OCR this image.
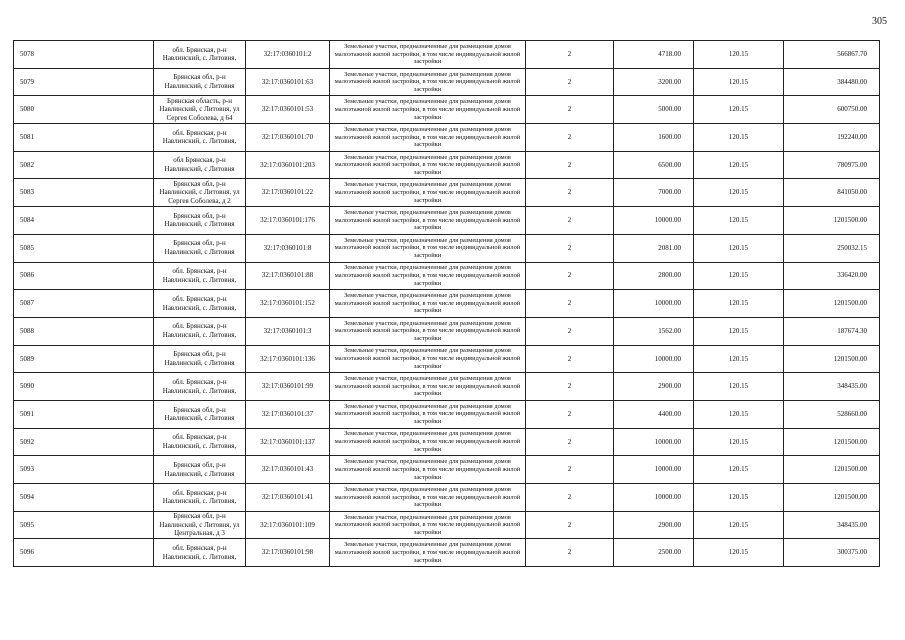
305
5078	обл. Брянская, р-н Навлинский, с. Литовня,	32:17:0360101:2	Земельные участки, предназначенные для размещения домов малоэтажной жилой застройки, в том числе индивидуальной жилой застройки	2	4718.00	120.15	566867.70
5079	Брянская обл, р-н Навлинский, с Литовня	32:17:0360101:63	Земельные участки, предназначенные для размещения домов малоэтажной жилой застройки, в том числе индивидуальной жилой застройки	2	3200.00	120.15	384480.00
5080	Брянская область, р-н Навлинский, с Литовня, ул Сергея Соболева, д 64	32:17:0360101:53	Земельные участки, предназначенные для размещения домов малоэтажной жилой застройки, в том числе индивидуальной жилой застройки	2	5000.00	120.15	600750.00
5081	обл. Брянская, р-н Навлинский, с. Литовня,	32:17:0360101:70	Земельные участки, предназначенные для размещения домов малоэтажной жилой застройки, в том числе индивидуальной жилой застройки	2	1600.00	120.15	192240.00
5082	обл Брянская, р-н Навлинский, с Литовня	32:17:0360101:203	Земельные участки, предназначенные для размещения домов малоэтажной жилой застройки, в том числе индивидуальной жилой застройки	2	6500.00	120.15	780975.00
5083	Брянская обл, р-н Навлинский, с Литовня, ул Сергея Соболева, д 2	32:17:0360101:22	Земельные участки, предназначенные для размещения домов малоэтажной жилой застройки, в том числе индивидуальной жилой застройки	2	7000.00	120.15	841050.00
5084	Брянская обл, р-н Навлинский, с Литовня	32:17:0360101:176	Земельные участки, предназначенные для размещения домов малоэтажной жилой застройки, в том числе индивидуальной жилой застройки	2	10000.00	120.15	1201500.00
5085	Брянская обл, р-н Навлинский, с Литовня	32:17:0360101:8	Земельные участки, предназначенные для размещения домов малоэтажной жилой застройки, в том числе индивидуальной жилой застройки	2	2081.00	120.15	250032.15
5086	обл. Брянская, р-н Навлинский, с. Литовня,	32:17:0360101:88	Земельные участки, предназначенные для размещения домов малоэтажной жилой застройки, в том числе индивидуальной жилой застройки	2	2800.00	120.15	336420.00
5087	обл. Брянская, р-н Навлинский, с. Литовня,	32:17:0360101:152	Земельные участки, предназначенные для размещения домов малоэтажной жилой застройки, в том числе индивидуальной жилой застройки	2	10000.00	120.15	1201500.00
5088	обл. Брянская, р-н Навлинский, с. Литовня,	32:17:0360101:3	Земельные участки, предназначенные для размещения домов малоэтажной жилой застройки, в том числе индивидуальной жилой застройки	2	1562.00	120.15	187674.30
5089	Брянская обл, р-н Навлинский, с Литовня	32:17:0360101:136	Земельные участки, предназначенные для размещения домов малоэтажной жилой застройки, в том числе индивидуальной жилой застройки	2	10000.00	120.15	1201500.00
5090	обл. Брянская, р-н Навлинский, с. Литовня,	32:17:0360101:99	Земельные участки, предназначенные для размещения домов малоэтажной жилой застройки, в том числе индивидуальной жилой застройки	2	2900.00	120.15	348435.00
5091	Брянская обл, р-н Навлинский, с Литовня	32:17:0360101:37	Земельные участки, предназначенные для размещения домов малоэтажной жилой застройки, в том числе индивидуальной жилой застройки	2	4400.00	120.15	528660.00
5092	обл. Брянская, р-н Навлинский, с. Литовня,	32:17:0360101:137	Земельные участки, предназначенные для размещения домов малоэтажной жилой застройки, в том числе индивидуальной жилой застройки	2	10000.00	120.15	1201500.00
5093	Брянская обл, р-н Навлинский, с Литовня	32:17:0360101:43	Земельные участки, предназначенные для размещения домов малоэтажной жилой застройки, в том числе индивидуальной жилой застройки	2	10000.00	120.15	1201500.00
5094	обл. Брянская, р-н Навлинский, с. Литовня,	32:17:0360101:41	Земельные участки, предназначенные для размещения домов малоэтажной жилой застройки, в том числе индивидуальной жилой застройки	2	10000.00	120.15	1201500.00
5095	Брянская обл, р-н Навлинский, с Литовня, ул Центральная, д 3	32:17:0360101:109	Земельные участки, предназначенные для размещения домов малоэтажной жилой застройки, в том числе индивидуальной жилой застройки	2	2900.00	120.15	348435.00
5096	обл. Брянская, р-н Навлинский, с. Литовня,	32:17:0360101:98	Земельные участки, предназначенные для размещения домов малоэтажной жилой застройки, в том числе индивидуальной жилой застройки	2	2500.00	120.15	300375.00
